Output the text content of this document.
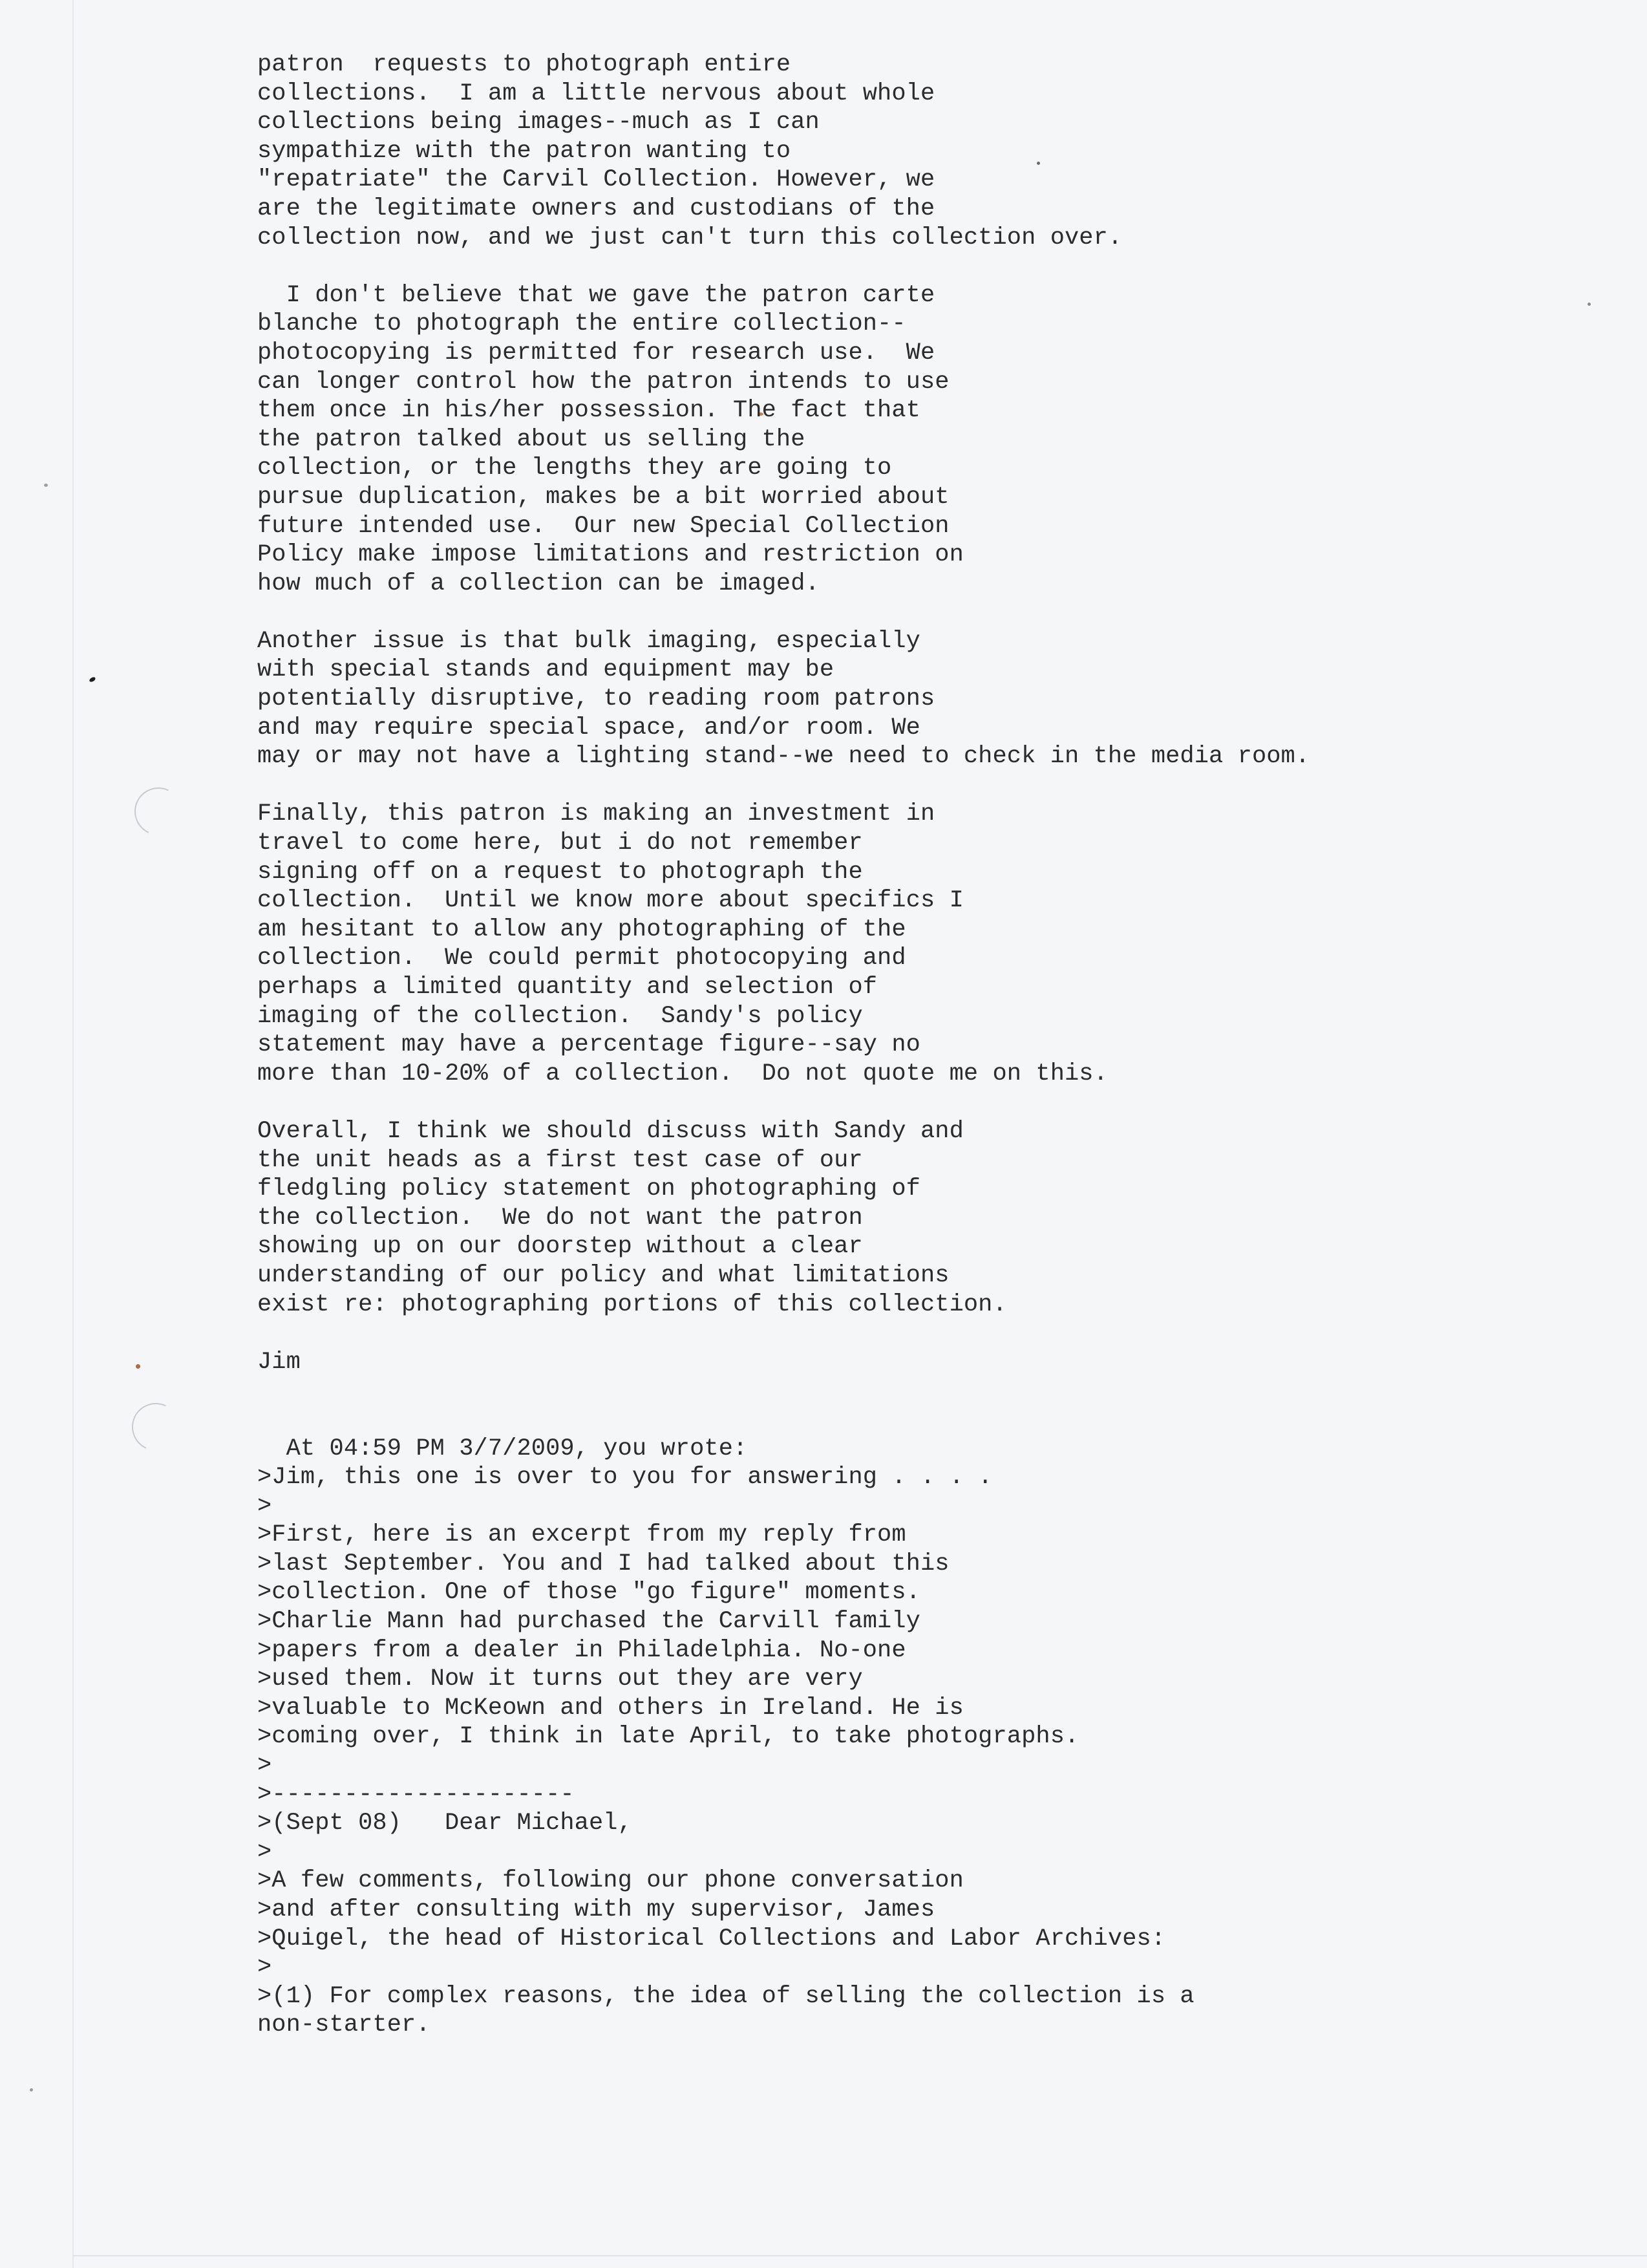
patron  requests to photograph entire
collections.  I am a little nervous about whole
collections being images--much as I can
sympathize with the patron wanting to
"repatriate" the Carvil Collection. However, we
are the legitimate owners and custodians of the
collection now, and we just can't turn this collection over.

I don't believe that we gave the patron carte
blanche to photograph the entire collection--
photocopying is permitted for research use.  We
can longer control how the patron intends to use
them once in his/her possession. The fact that
the patron talked about us selling the
collection, or the lengths they are going to
pursue duplication, makes be a bit worried about
future intended use.  Our new Special Collection
Policy make impose limitations and restriction on
how much of a collection can be imaged.

Another issue is that bulk imaging, especially
with special stands and equipment may be
potentially disruptive, to reading room patrons
and may require special space, and/or room. We
may or may not have a lighting stand--we need to check in the media room.

Finally, this patron is making an investment in
travel to come here, but i do not remember
signing off on a request to photograph the
collection.  Until we know more about specifics I
am hesitant to allow any photographing of the
collection.  We could permit photocopying and
perhaps a limited quantity and selection of
imaging of the collection.  Sandy's policy
statement may have a percentage figure--say no
more than 10-20% of a collection.  Do not quote me on this.

Overall, I think we should discuss with Sandy and
the unit heads as a first test case of our
fledgling policy statement on photographing of
the collection.  We do not want the patron
showing up on our doorstep without a clear
understanding of our policy and what limitations
exist re: photographing portions of this collection.

Jim

At 04:59 PM 3/7/2009, you wrote:
>Jim, this one is over to you for answering . . . .
>
>First, here is an excerpt from my reply from
>last September. You and I had talked about this
>collection. One of those "go figure" moments.
>Charlie Mann had purchased the Carvill family
>papers from a dealer in Philadelphia. No-one
>used them. Now it turns out they are very
>valuable to McKeown and others in Ireland. He is
>coming over, I think in late April, to take photographs.
>
>---------------------
>(Sept 08)   Dear Michael,
>
>A few comments, following our phone conversation
>and after consulting with my supervisor, James
>Quigel, the head of Historical Collections and Labor Archives:
>
>(1) For complex reasons, the idea of selling the collection is a
non-starter.
